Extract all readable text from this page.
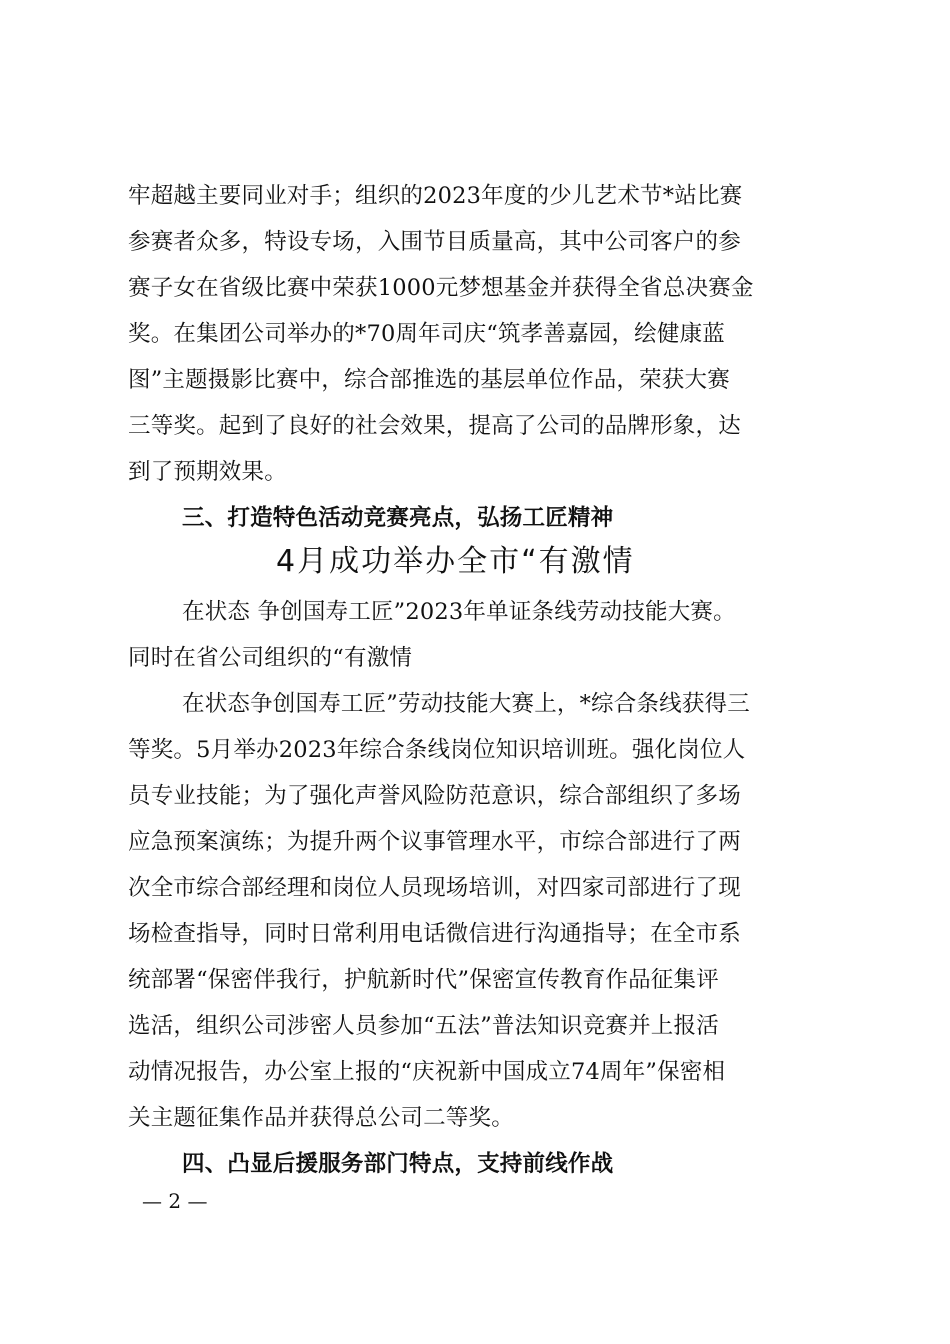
牢超越主要同业对手；组织的2023年度的少儿艺术节*站比赛
参赛者众多，特设专场，入围节目质量高，其中公司客户的参
赛子女在省级比赛中荣获1000元梦想基金并获得全省总决赛金
奖。在集团公司举办的*70周年司庆“筑孝善嘉园，绘健康蓝
图”主题摄影比赛中，综合部推选的基层单位作品，荣获大赛
三等奖。起到了良好的社会效果，提高了公司的品牌形象，达
到了预期效果。
三、打造特色活动竞赛亮点，弘扬工匠精神
4月成功举办全市“有激情
在状态 争创国寿工匠”2023年单证条线劳动技能大赛。
同时在省公司组织的“有激情
在状态争创国寿工匠”劳动技能大赛上，*综合条线获得三
等奖。5月举办2023年综合条线岗位知识培训班。强化岗位人
员专业技能；为了强化声誉风险防范意识，综合部组织了多场
应急预案演练；为提升两个议事管理水平，市综合部进行了两
次全市综合部经理和岗位人员现场培训，对四家司部进行了现
场检查指导，同时日常利用电话微信进行沟通指导；在全市系
统部署“保密伴我行，护航新时代”保密宣传教育作品征集评
选活，组织公司涉密人员参加“五法”普法知识竞赛并上报活
动情况报告，办公室上报的“庆祝新中国成立74周年”保密相
关主题征集作品并获得总公司二等奖。
四、凸显后援服务部门特点，支持前线作战
— 2 —
